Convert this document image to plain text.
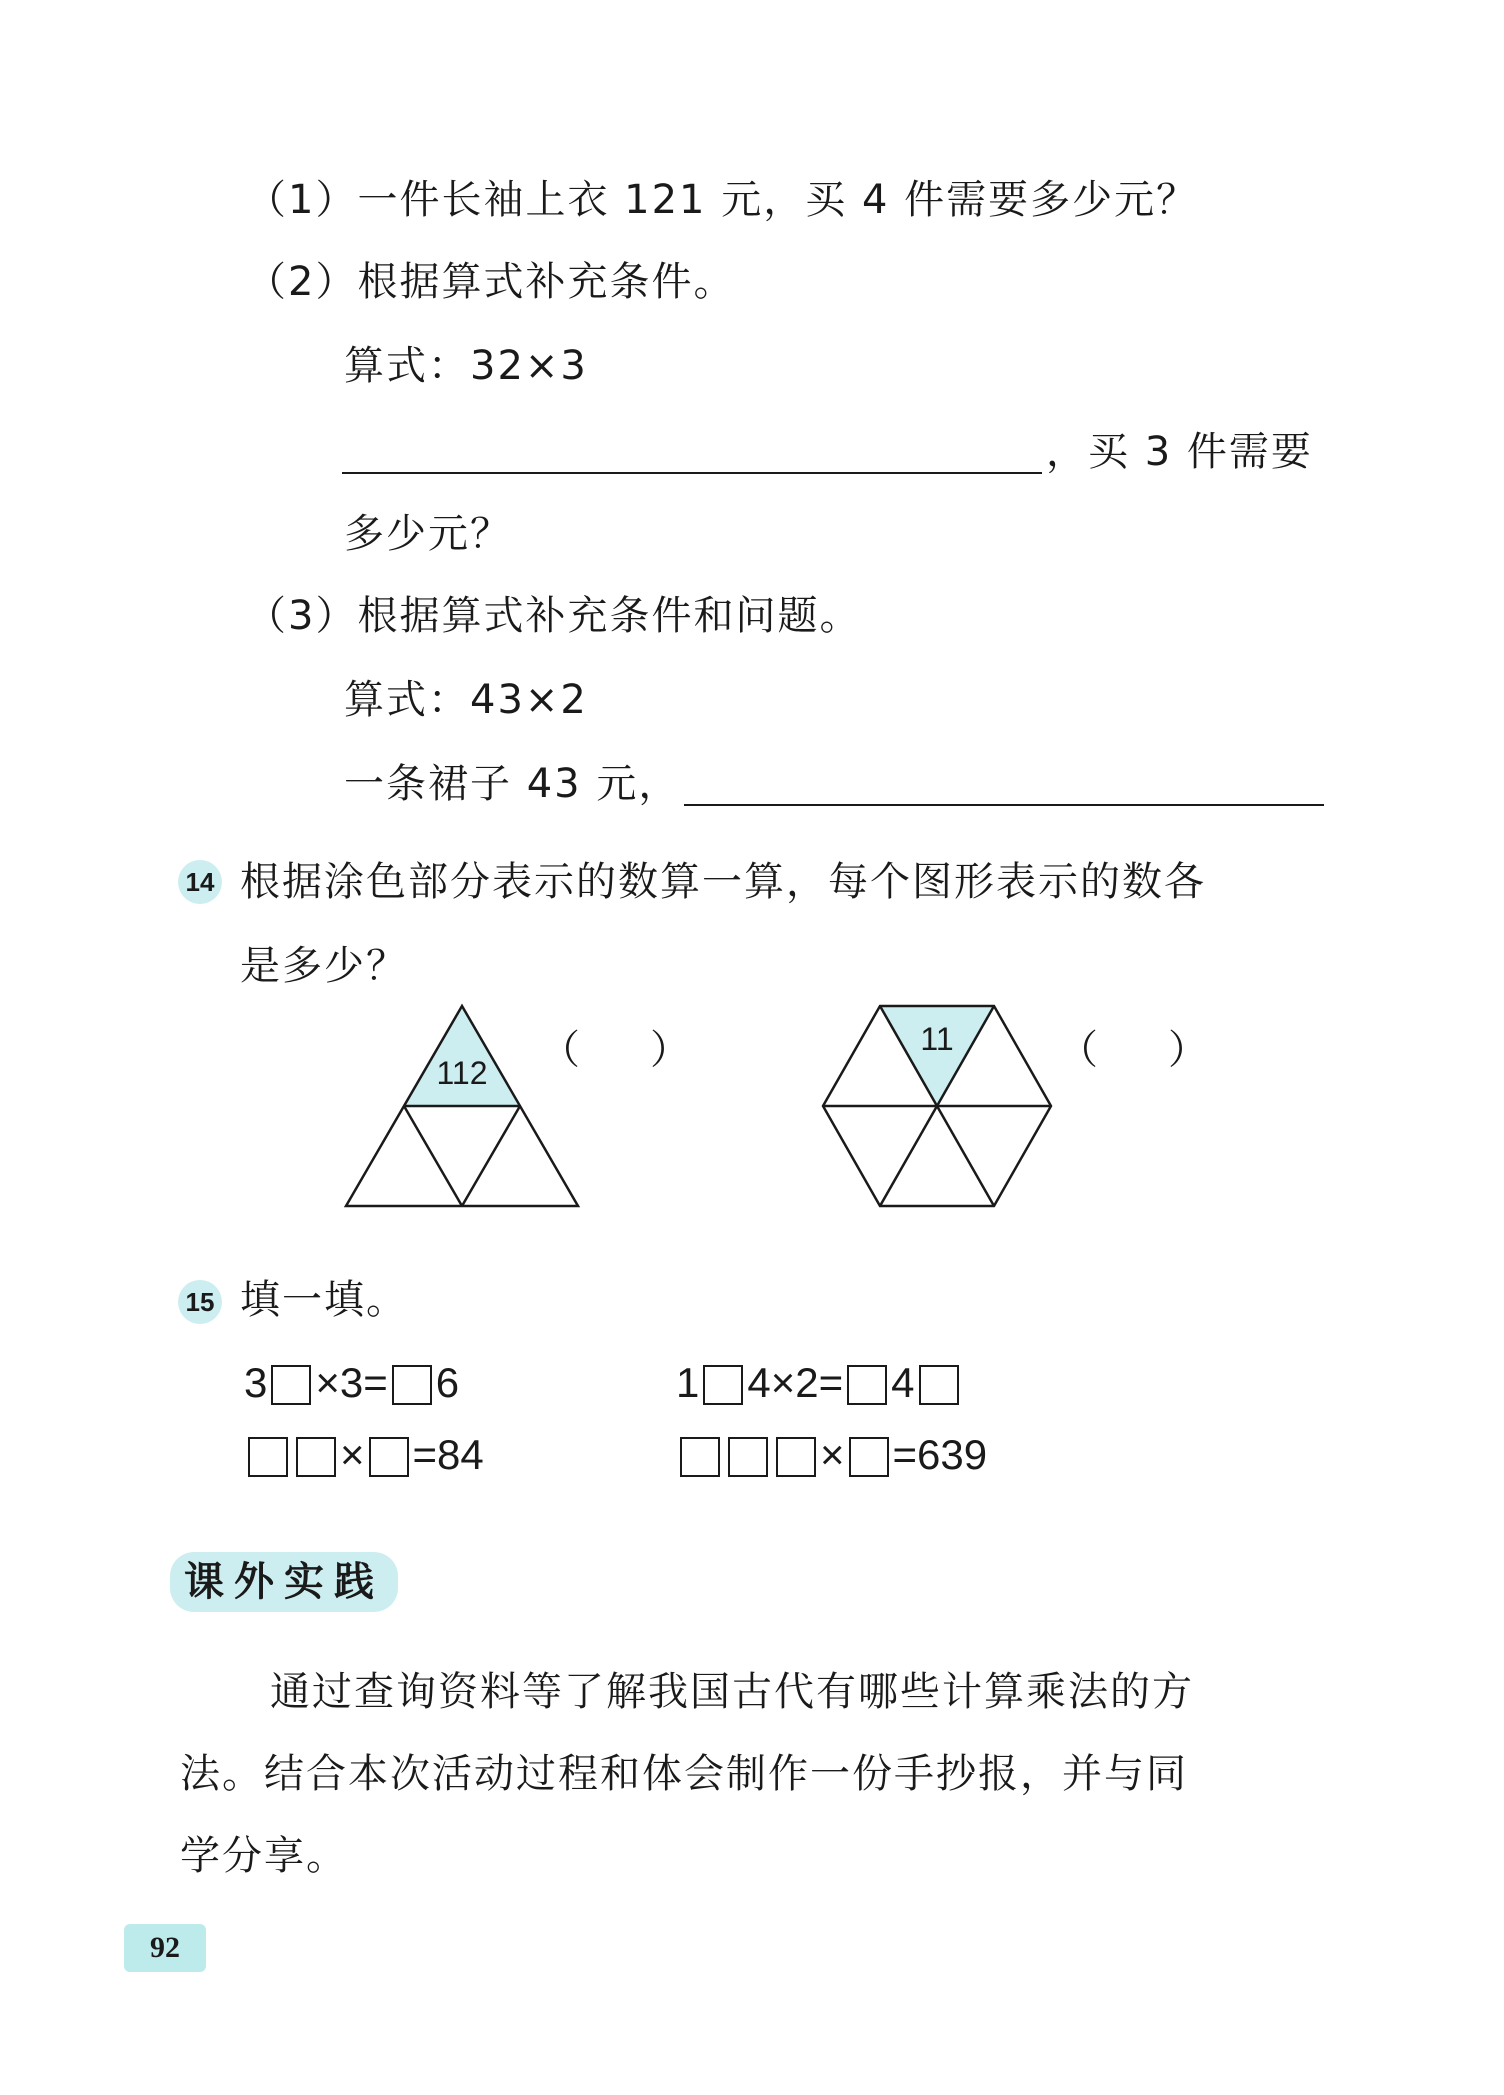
（1）一件长袖上衣 121 元，买 4 件需要多少元？
（2）根据算式补充条件。
算式：32×3
，买 3 件需要
多少元？
（3）根据算式补充条件和问题。
算式：43×2
一条裙子 43 元，
14 根据涂色部分表示的数算一算，每个图形表示的数各
是多少？
112
11
（ ）	（ ）
15 填一填。
3 ×3= 6	1 4×2= 4
× =84	× =639
课外实践
通过查询资料等了解我国古代有哪些计算乘法的方
法。结合本次活动过程和体会制作一份手抄报，并与同
学分享。
92
